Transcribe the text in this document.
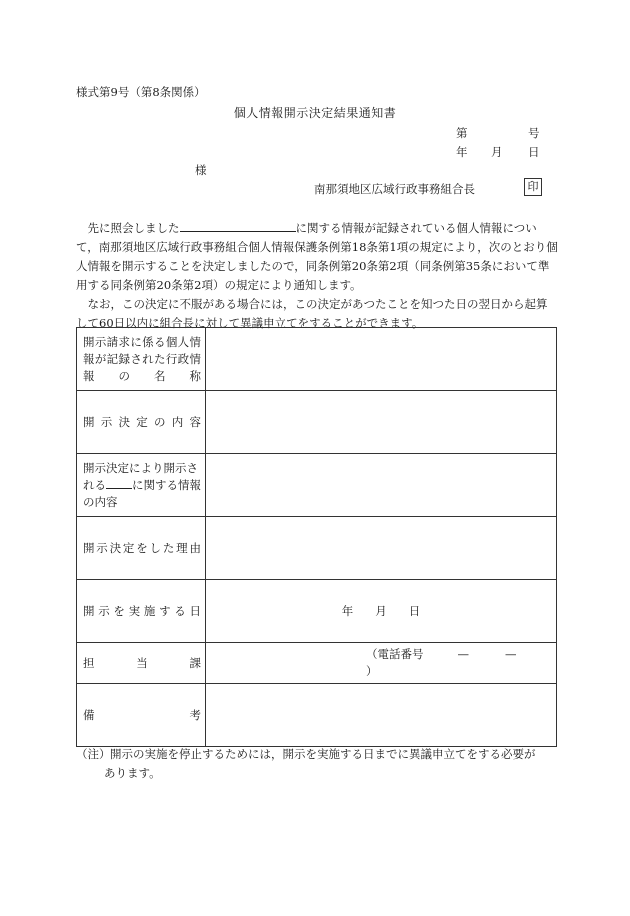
様式第9号（第8条関係）
個人情報開示決定結果通知書
第	号
年 月 日
様
南那須地区広域行政事務組合長	印

　先に照会しました	に関する情報が記録されている個人情報について，南那須地区広域行政事務組合個人情報保護条例第18条第1項の規定により，次のとおり個人情報を開示することを決定しましたので，同条例第20条第2項（同条例第35条において準用する同条例第20条第2項）の規定により通知します。

　なお，この決定に不服がある場合には，この決定があつたことを知つた日の翌日から起算して60日以内に組合長に対して異議申立てをすることができます。

開示請求に係る個人情報が記録された行政情報の名称	
開示決定の内容	
開示決定により開示される に関する情報の内容	
開示決定をした理由	
開示を実施する日	年 月 日
担当課	（電話番号 — —）
備考	
（注） 開示の実施を停止するためには，開示を実施する日までに異議申立てをする必要が
あります。
